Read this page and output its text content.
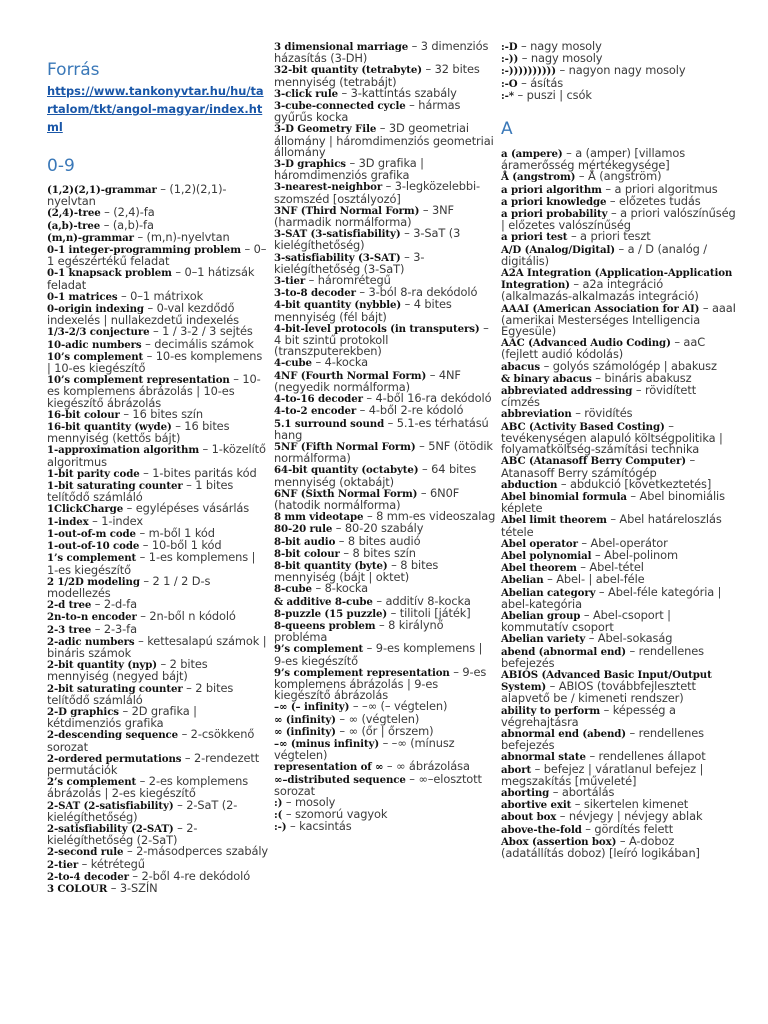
Forrás
https://www.tankonyvtar.hu/hu/tartalom/tkt/angol-magyar/index.html
0-9

(1,2)(2,1)-grammar – (1,2)(2,1)-nyelvtan

(2,4)-tree – (2,4)-fa

(a,b)-tree – (a,b)-fa

(m,n)-grammar – (m,n)-nyelvtan

0-1 integer-programming problem – 0–1 egészértékű feladat

0-1 knapsack problem – 0–1 hátizsák feladat

0-1 matrices – 0–1 mátrixok

0-origin indexing – 0-val kezdődő indexelés | nullakezdetű indexelés

1/3-2/3 conjecture – 1 / 3-2 / 3 sejtés

10-adic numbers – decimális számok

10’s complement – 10-es komplemens | 10-es kiegészítő

10’s complement representation – 10-es komplemens ábrázolás | 10-es kiegészítő ábrázolás

16-bit colour – 16 bites szín

16-bit quantity (wyde) – 16 bites mennyiség (kettős bájt)

1-approximation algorithm – 1-közelítő algoritmus

1-bit parity code – 1-bites paritás kód

1-bit saturating counter – 1 bites telítődő számláló

1ClickCharge – egylépéses vásárlás

1-index – 1-index

1-out-of-m code – m-ből 1 kód

1-out-of-10 code – 10-ből 1 kód

1’s complement – 1-es komplemens | 1-es kiegészítő

2 1/2D modeling – 2 1 / 2 D-s modellezés

2-d tree – 2-d-fa

2n-to-n encoder – 2n-ből n kódoló

2-3 tree – 2-3-fa

2-adic numbers – kettesalapú számok | bináris számok

2-bit quantity (nyp) – 2 bites mennyiség (negyed bájt)

2-bit saturating counter – 2 bites telítődő számláló

2-D graphics – 2D grafika | kétdimenziós grafika

2-descending sequence – 2-csökkenő sorozat

2-ordered permutations – 2-rendezett permutációk

2’s complement – 2-es komplemens ábrázolás | 2-es kiegészítő

2-SAT (2-satisfiability) – 2-SaT (2-kielégíthetőség)

2-satisfiability (2-SAT) – 2-kielégíthetőség (2-SaT)

2-second rule – 2-másodperces szabály

2-tier – kétrétegű

2-to-4 decoder – 2-ből 4-re dekódoló

3 COLOUR – 3-SZÍN

3 dimensional marriage – 3 dimenziós házasítás (3-DH)

32-bit quantity (tetrabyte) – 32 bites mennyiség (tetrabájt)

3-click rule – 3-kattintás szabály

3-cube-connected cycle – hármas gyűrűs kocka

3-D Geometry File – 3D geometriai állomány | háromdimenziós geometriai állomány

3-D graphics – 3D grafika | háromdimenziós grafika

3-nearest-neighbor – 3-legközelebbi-szomszéd [osztályozó]

3NF (Third Normal Form) – 3NF (harmadik normálforma)

3-SAT (3-satisfiability) – 3-SaT (3 kielégíthetőség)

3-satisfiability (3-SAT) – 3-kielégíthetőség (3-SaT)

3-tier – háromrétegű

3-to-8 decoder – 3-ból 8-ra dekódoló

4-bit quantity (nybble) – 4 bites mennyiség (fél bájt)

4-bit-level protocols (in transputers) – 4 bit szintű protokoll (transzputerekben)

4-cube – 4-kocka

4NF (Fourth Normal Form) – 4NF (negyedik normálforma)

4-to-16 decoder – 4-ből 16-ra dekódoló

4-to-2 encoder – 4-ből 2-re kódoló

5.1 surround sound – 5.1-es térhatású hang

5NF (Fifth Normal Form) – 5NF (ötödik normálforma)

64-bit quantity (octabyte) – 64 bites mennyiség (oktabájt)

6NF (Sixth Normal Form) – 6N0F (hatodik normálforma)

8 mm videotape – 8 mm-es videoszalag

80-20 rule – 80-20 szabály

8-bit audio – 8 bites audió

8-bit colour – 8 bites szín

8-bit quantity (byte) – 8 bites mennyiség (bájt | oktet)

8-cube – 8-kocka

& additive 8-cube – additív 8-kocka

8-puzzle (15 puzzle) – tilitoli [játék]

8-queens problem – 8 királynő probléma

9’s complement – 9-es komplemens | 9-es kiegészítő

9’s complement representation – 9-es komplemens ábrázolás | 9-es kiegészítő ábrázolás

–∞ (– infinity) – –∞ (– végtelen)

∞ (infinity) – ∞ (végtelen)

∞ (infinity) – ∞ (őr | őrszem)

–∞ (minus infinity) – –∞ (mínusz végtelen)

representation of ∞ – ∞ ábrázolása

∞–distributed sequence – ∞–elosztott sorozat

:) – mosoly

:( – szomorú vagyok

:-) – kacsintás

:-D – nagy mosoly

:-)) – nagy mosoly

:-)))))))))) – nagyon nagy mosoly

:-O – ásítás

:-* – puszi | csók

A

a (ampere) – a (amper) [villamos áramerősség mértékegysége]

Å (angstrom) – Å (angström)

a priori algorithm – a priori algoritmus

a priori knowledge – előzetes tudás

a priori probability – a priori valószínűség | előzetes valószínűség

a priori test – a priori teszt

A/D (Analog/Digital) – a / D (analóg / digitális)

A2A Integration (Application-Application Integration) – a2a integráció (alkalmazás-alkalmazás integráció)

AAAI (American Association for AI) – aaaI (amerikai Mesterséges Intelligencia Egyesüle)

AAC (Advanced Audio Coding) – aaC (fejlett audió kódolás)

abacus – golyós számológép | abakusz

& binary abacus – bináris abakusz

abbreviated addressing – rövidített címzés

abbreviation – rövidítés

ABC (Activity Based Costing) – tevékenységen alapuló költségpolitika | folyamatköltség-számítási technika

ABC (Atanasoff Berry Computer) – Atanasoff Berry számítógép

abduction – abdukció [következtetés]

Abel binomial formula – Abel binomiális képlete

Abel limit theorem – Abel határeloszlás tétele

Abel operator – Abel-operátor

Abel polynomial – Abel-polinom

Abel theorem – Abel-tétel

Abelian – Abel- | abel-féle

Abelian category – Abel-féle kategória | abel-kategória

Abelian group – Abel-csoport | kommutatív csoport

Abelian variety – Abel-sokaság

abend (abnormal end) – rendellenes befejezés

ABIOS (Advanced Basic Input/Output System) – ABIOS (továbbfejlesztett alapvető be / kimeneti rendszer)

ability to perform – képesség a végrehajtásra

abnormal end (abend) – rendellenes befejezés

abnormal state – rendellenes állapot

abort – befejez | váratlanul befejez | megszakítás [műveleté]

aborting – abortálás

abortive exit – sikertelen kimenet

about box – névjegy | névjegy ablak

above-the-fold – gördítés felett

Abox (assertion box) – A-doboz (adatállítás doboz) [leíró logikában]
